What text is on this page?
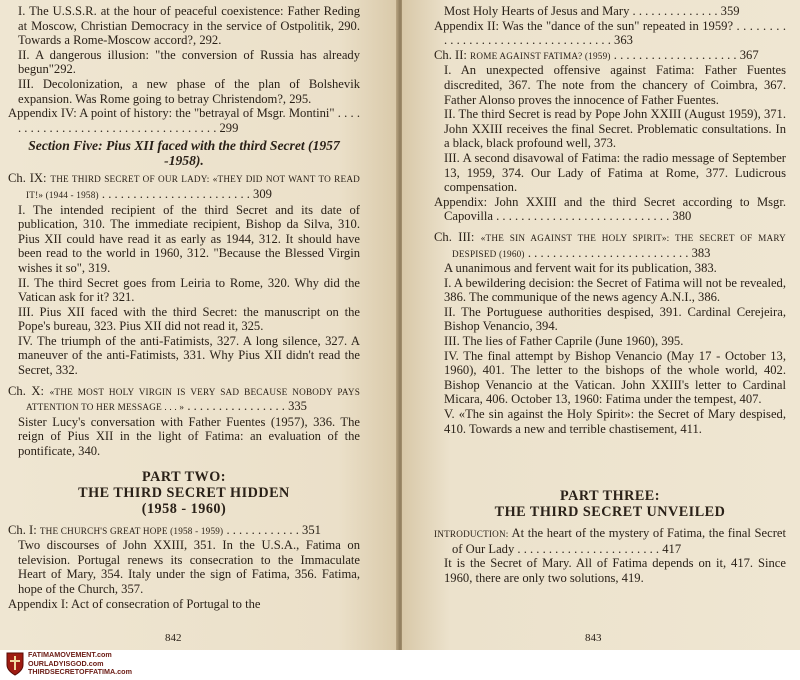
I. The U.S.S.R. at the hour of peaceful coexistence: Father Reding at Moscow, Christian Democracy in the service of Ostpolitik, 290. Towards a Rome-Moscow accord?, 292.

II. A dangerous illusion: "the conversion of Russia has already begun"292.

III. Decolonization, a new phase of the plan of Bolshevik expansion. Was Rome going to betray Christendom?, 295.

Appendix IV: A point of history: the "betrayal of Msgr. Montini" . . . . . . . . . . . . . . . . . . . . . . . . . . . . . . . . . . . . 299

Section Five: Pius XII faced with the third Secret (1957 -1958).

Ch. IX: THE THIRD SECRET OF OUR LADY: «THEY DID NOT WANT TO READ IT!» (1944 - 1958) . . . . . . . . . . . . . . . . . . . . . . . . 309

I. The intended recipient of the third Secret and its date of publication, 310. The immediate recipient, Bishop da Silva, 310. Pius XII could have read it as early as 1944, 312. It should have been read to the world in 1960, 312. "Because the Blessed Virgin wishes it so", 319.

II. The third Secret goes from Leiria to Rome, 320. Why did the Vatican ask for it? 321.

III. Pius XII faced with the third Secret: the manuscript on the Pope's bureau, 323. Pius XII did not read it, 325.

IV. The triumph of the anti-Fatimists, 327. A long silence, 327. A maneuver of the anti-Fatimists, 331. Why Pius XII didn't read the Secret, 332.

Ch. X: «THE MOST HOLY VIRGIN IS VERY SAD BECAUSE NOBODY PAYS ATTENTION TO HER MESSAGE . . . » . . . . . . . . . . . . . . . . 335

Sister Lucy's conversation with Father Fuentes (1957), 336. The reign of Pius XII in the light of Fatima: an evaluation of the pontificate, 340.

PART TWO:
THE THIRD SECRET HIDDEN
(1958 - 1960)

Ch. I: THE CHURCH'S GREAT HOPE (1958 - 1959) . . . . . . . . . . . . 351

Two discourses of John XXIII, 351. In the U.S.A., Fatima on television. Portugal renews its consecration to the Immaculate Heart of Mary, 354. Italy under the sign of Fatima, 356. Fatima, hope of the Church, 357.

Appendix I: Act of consecration of Portugal to the

842

Most Holy Hearts of Jesus and Mary . . . . . . . . . . . . . . 359

Appendix II: Was the "dance of the sun" repeated in 1959? . . . . . . . . . . . . . . . . . . . . . . . . . . . . . . . . . . . 363

Ch. II: ROME AGAINST FATIMA? (1959) . . . . . . . . . . . . . . . . . . . . 367

I. An unexpected offensive against Fatima: Father Fuentes discredited, 367. The note from the chancery of Coimbra, 367. Father Alonso proves the innocence of Father Fuentes.

II. The third Secret is read by Pope John XXIII (August 1959), 371. John XXIII receives the final Secret. Problematic consultations. In a black, black profound well, 373.

III. A second disavowal of Fatima: the radio message of September 13, 1959, 374. Our Lady of Fatima at Rome, 377. Ludicrous compensation.

Appendix: John XXIII and the third Secret according to Msgr. Capovilla . . . . . . . . . . . . . . . . . . . . . . . . . . . . 380

Ch. III: «THE SIN AGAINST THE HOLY SPIRIT»: THE SECRET OF MARY DESPISED (1960) . . . . . . . . . . . . . . . . . . . . . . . . . . 383

A unanimous and fervent wait for its publication, 383.

I. A bewildering decision: the Secret of Fatima will not be revealed, 386. The communique of the news agency A.N.I., 386.

II. The Portuguese authorities despised, 391. Cardinal Cerejeira, Bishop Venancio, 394.

III. The lies of Father Caprile (June 1960), 395.

IV. The final attempt by Bishop Venancio (May 17 - October 13, 1960), 401. The letter to the bishops of the whole world, 402. Bishop Venancio at the Vatican. John XXIII's letter to Cardinal Micara, 406. October 13, 1960: Fatima under the tempest, 407.

V. «The sin against the Holy Spirit»: the Secret of Mary despised, 410. Towards a new and terrible chastisement, 411.

PART THREE:
THE THIRD SECRET UNVEILED

INTRODUCTION: At the heart of the mystery of Fatima, the final Secret of Our Lady . . . . . . . . . . . . . . . . . . . . . . . 417

It is the Secret of Mary. All of Fatima depends on it, 417. Since 1960, there are only two solutions, 419.

843
FATIMAMOVEMENT.com
OURLADYISGOD.com
THIRDSECRETOFFATIMA.com
